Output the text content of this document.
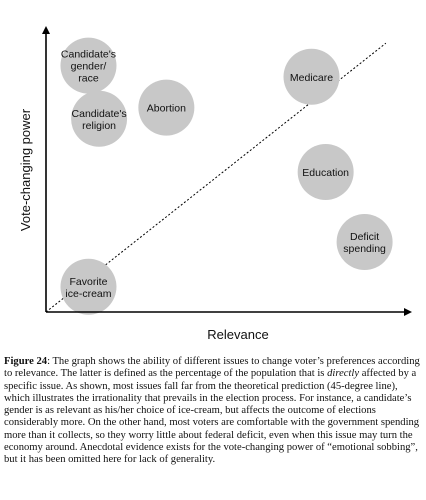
Candidate's gender/ race
Abortion
Candidate's religion
Medicare
Education
Deficit spending
Favorite ice-cream
Relevance
Vote-changing power

Figure 24: The graph shows the ability of different issues to change voter’s preferences according to relevance. The latter is defined as the percentage of the population that is directly affected by a specific issue. As shown, most issues fall far from the theoretical prediction (45-degree line), which illustrates the irrationality that prevails in the election process. For instance, a candidate’s gender is as relevant as his/her choice of ice-cream, but affects the outcome of elections considerably more. On the other hand, most voters are comfortable with the government spending more than it collects, so they worry little about federal deficit, even when this issue may turn the economy around. Anecdotal evidence exists for the vote-changing power of “emotional sobbing”, but it has been omitted here for lack of generality.
